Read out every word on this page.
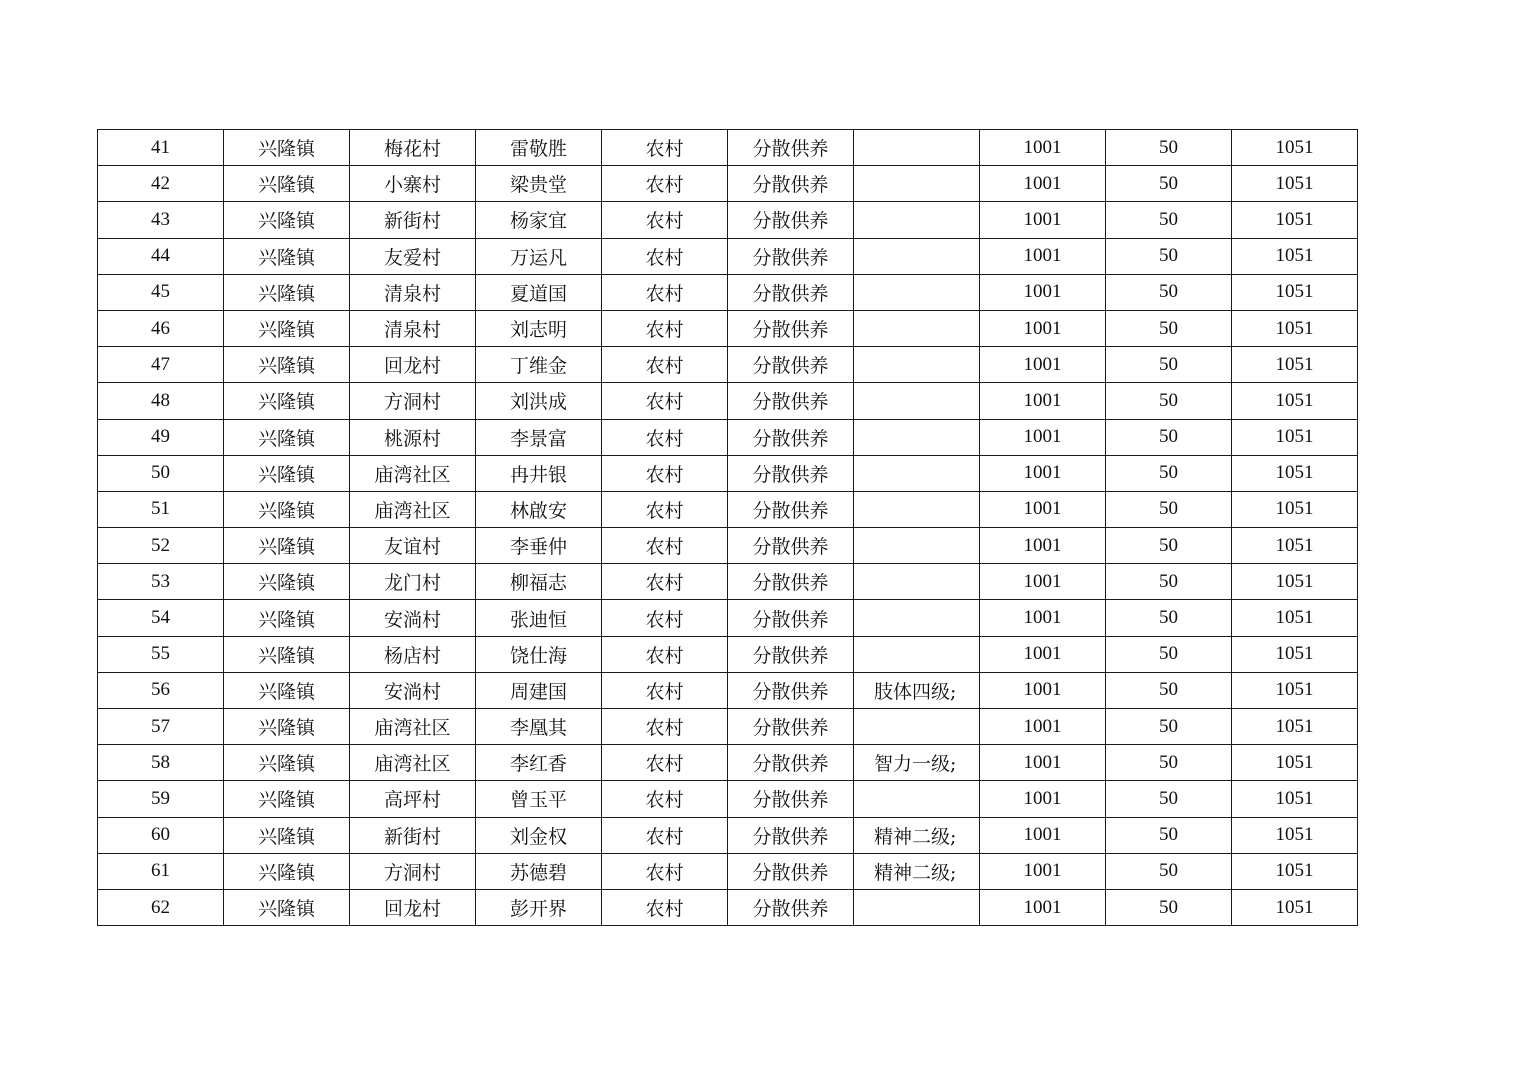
41	兴隆镇	梅花村	雷敬胜	农村	分散供养		1001	50	1051
42	兴隆镇	小寨村	梁贵堂	农村	分散供养		1001	50	1051
43	兴隆镇	新街村	杨家宜	农村	分散供养		1001	50	1051
44	兴隆镇	友爱村	万运凡	农村	分散供养		1001	50	1051
45	兴隆镇	清泉村	夏道国	农村	分散供养		1001	50	1051
46	兴隆镇	清泉村	刘志明	农村	分散供养		1001	50	1051
47	兴隆镇	回龙村	丁维金	农村	分散供养		1001	50	1051
48	兴隆镇	方洞村	刘洪成	农村	分散供养		1001	50	1051
49	兴隆镇	桃源村	李景富	农村	分散供养		1001	50	1051
50	兴隆镇	庙湾社区	冉井银	农村	分散供养		1001	50	1051
51	兴隆镇	庙湾社区	林啟安	农村	分散供养		1001	50	1051
52	兴隆镇	友谊村	李垂仲	农村	分散供养		1001	50	1051
53	兴隆镇	龙门村	柳福志	农村	分散供养		1001	50	1051
54	兴隆镇	安淌村	张迪恒	农村	分散供养		1001	50	1051
55	兴隆镇	杨店村	饶仕海	农村	分散供养		1001	50	1051
56	兴隆镇	安淌村	周建国	农村	分散供养	肢体四级;	1001	50	1051
57	兴隆镇	庙湾社区	李凰其	农村	分散供养		1001	50	1051
58	兴隆镇	庙湾社区	李红香	农村	分散供养	智力一级;	1001	50	1051
59	兴隆镇	高坪村	曾玉平	农村	分散供养		1001	50	1051
60	兴隆镇	新街村	刘金权	农村	分散供养	精神二级;	1001	50	1051
61	兴隆镇	方洞村	苏德碧	农村	分散供养	精神二级;	1001	50	1051
62	兴隆镇	回龙村	彭开界	农村	分散供养		1001	50	1051
